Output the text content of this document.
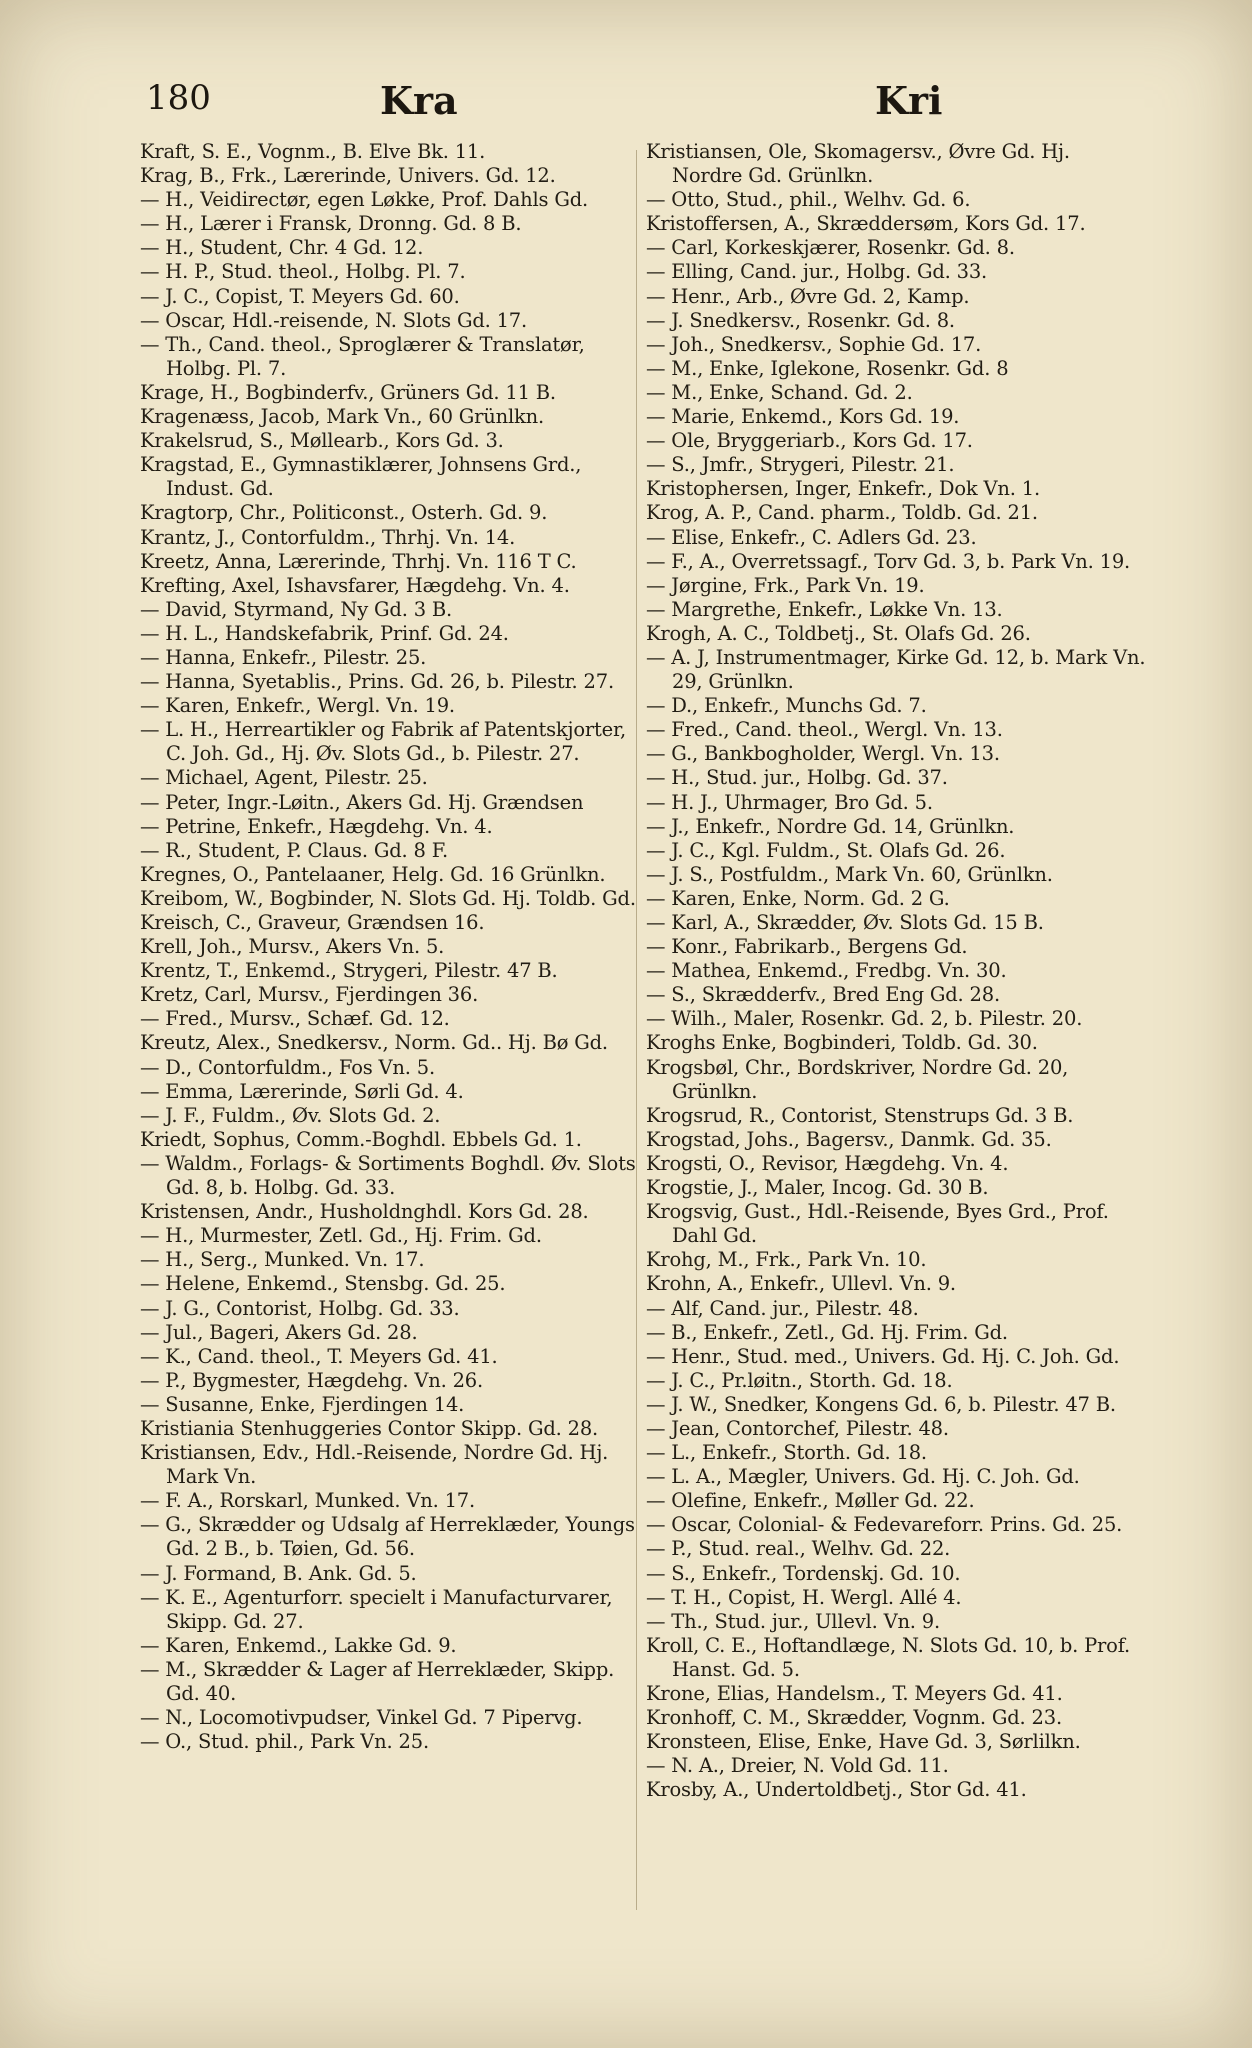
180	Kra	Kri

Kraft, S. E., Vognm., B. Elve Bk. 11.

Krag, B., Frk., Lærerinde, Univers. Gd. 12.

— H., Veidirectør, egen Løkke, Prof. Dahls Gd.

— H., Lærer i Fransk, Dronng. Gd. 8 B.

— H., Student, Chr. 4 Gd. 12.

— H. P., Stud. theol., Holbg. Pl. 7.

— J. C., Copist, T. Meyers Gd. 60.

— Oscar, Hdl.-reisende, N. Slots Gd. 17.

— Th., Cand. theol., Sproglærer & Translatør, Holbg. Pl. 7.

Krage, H., Bogbinderfv., Grüners Gd. 11 B.

Kragenæss, Jacob, Mark Vn., 60 Grünlkn.

Krakelsrud, S., Møllearb., Kors Gd. 3.

Kragstad, E., Gymnastiklærer, Johnsens Grd., Indust. Gd.

Kragtorp, Chr., Politiconst., Osterh. Gd. 9.

Krantz, J., Contorfuldm., Thrhj. Vn. 14.

Kreetz, Anna, Lærerinde, Thrhj. Vn. 116 T C.

Krefting, Axel, Ishavsfarer, Hægdehg. Vn. 4.

— David, Styrmand, Ny Gd. 3 B.

— H. L., Handskefabrik, Prinf. Gd. 24.

— Hanna, Enkefr., Pilestr. 25.

— Hanna, Syetablis., Prins. Gd. 26, b. Pilestr. 27.

— Karen, Enkefr., Wergl. Vn. 19.

— L. H., Herreartikler og Fabrik af Patentskjorter, C. Joh. Gd., Hj. Øv. Slots Gd., b. Pilestr. 27.

— Michael, Agent, Pilestr. 25.

— Peter, Ingr.-Løitn., Akers Gd. Hj. Grændsen

— Petrine, Enkefr., Hægdehg. Vn. 4.

— R., Student, P. Claus. Gd. 8 F.

Kregnes, O., Pantelaaner, Helg. Gd. 16 Grünlkn.

Kreibom, W., Bogbinder, N. Slots Gd. Hj. Toldb. Gd.

Kreisch, C., Graveur, Grændsen 16.

Krell, Joh., Mursv., Akers Vn. 5.

Krentz, T., Enkemd., Strygeri, Pilestr. 47 B.

Kretz, Carl, Mursv., Fjerdingen 36.

— Fred., Mursv., Schæf. Gd. 12.

Kreutz, Alex., Snedkersv., Norm. Gd.. Hj. Bø Gd.

— D., Contorfuldm., Fos Vn. 5.

— Emma, Lærerinde, Sørli Gd. 4.

— J. F., Fuldm., Øv. Slots Gd. 2.

Kriedt, Sophus, Comm.-Boghdl. Ebbels Gd. 1.

— Waldm., Forlags- & Sortiments Boghdl. Øv. Slots Gd. 8, b. Holbg. Gd. 33.

Kristensen, Andr., Husholdnghdl. Kors Gd. 28.

— H., Murmester, Zetl. Gd., Hj. Frim. Gd.

— H., Serg., Munked. Vn. 17.

— Helene, Enkemd., Stensbg. Gd. 25.

— J. G., Contorist, Holbg. Gd. 33.

— Jul., Bageri, Akers Gd. 28.

— K., Cand. theol., T. Meyers Gd. 41.

— P., Bygmester, Hægdehg. Vn. 26.

— Susanne, Enke, Fjerdingen 14.

Kristiania Stenhuggeries Contor Skipp. Gd. 28.

Kristiansen, Edv., Hdl.-Reisende, Nordre Gd. Hj. Mark Vn.

— F. A., Rorskarl, Munked. Vn. 17.

— G., Skrædder og Udsalg af Herreklæder, Youngs Gd. 2 B., b. Tøien, Gd. 56.

— J. Formand, B. Ank. Gd. 5.

— K. E., Agenturforr. specielt i Manufacturvarer, Skipp. Gd. 27.

— Karen, Enkemd., Lakke Gd. 9.

— M., Skrædder & Lager af Herreklæder, Skipp. Gd. 40.

— N., Locomotivpudser, Vinkel Gd. 7 Pipervg.

— O., Stud. phil., Park Vn. 25.

Kristiansen, Ole, Skomagersv., Øvre Gd. Hj. Nordre Gd. Grünlkn.

— Otto, Stud., phil., Welhv. Gd. 6.

Kristoffersen, A., Skræddersøm, Kors Gd. 17.

— Carl, Korkeskjærer, Rosenkr. Gd. 8.

— Elling, Cand. jur., Holbg. Gd. 33.

— Henr., Arb., Øvre Gd. 2, Kamp.

— J. Snedkersv., Rosenkr. Gd. 8.

— Joh., Snedkersv., Sophie Gd. 17.

— M., Enke, Iglekone, Rosenkr. Gd. 8

— M., Enke, Schand. Gd. 2.

— Marie, Enkemd., Kors Gd. 19.

— Ole, Bryggeriarb., Kors Gd. 17.

— S., Jmfr., Strygeri, Pilestr. 21.

Kristophersen, Inger, Enkefr., Dok Vn. 1.

Krog, A. P., Cand. pharm., Toldb. Gd. 21.

— Elise, Enkefr., C. Adlers Gd. 23.

— F., A., Overretssagf., Torv Gd. 3, b. Park Vn. 19.

— Jørgine, Frk., Park Vn. 19.

— Margrethe, Enkefr., Løkke Vn. 13.

Krogh, A. C., Toldbetj., St. Olafs Gd. 26.

— A. J, Instrumentmager, Kirke Gd. 12, b. Mark Vn. 29, Grünlkn.

— D., Enkefr., Munchs Gd. 7.

— Fred., Cand. theol., Wergl. Vn. 13.

— G., Bankbogholder, Wergl. Vn. 13.

— H., Stud. jur., Holbg. Gd. 37.

— H. J., Uhrmager, Bro Gd. 5.

— J., Enkefr., Nordre Gd. 14, Grünlkn.

— J. C., Kgl. Fuldm., St. Olafs Gd. 26.

— J. S., Postfuldm., Mark Vn. 60, Grünlkn.

— Karen, Enke, Norm. Gd. 2 G.

— Karl, A., Skrædder, Øv. Slots Gd. 15 B.

— Konr., Fabrikarb., Bergens Gd.

— Mathea, Enkemd., Fredbg. Vn. 30.

— S., Skrædderfv., Bred Eng Gd. 28.

— Wilh., Maler, Rosenkr. Gd. 2, b. Pilestr. 20.

Kroghs Enke, Bogbinderi, Toldb. Gd. 30.

Krogsbøl, Chr., Bordskriver, Nordre Gd. 20, Grünlkn.

Krogsrud, R., Contorist, Stenstrups Gd. 3 B.

Krogstad, Johs., Bagersv., Danmk. Gd. 35.

Krogsti, O., Revisor, Hægdehg. Vn. 4.

Krogstie, J., Maler, Incog. Gd. 30 B.

Krogsvig, Gust., Hdl.-Reisende, Byes Grd., Prof. Dahl Gd.

Krohg, M., Frk., Park Vn. 10.

Krohn, A., Enkefr., Ullevl. Vn. 9.

— Alf, Cand. jur., Pilestr. 48.

— B., Enkefr., Zetl., Gd. Hj. Frim. Gd.

— Henr., Stud. med., Univers. Gd. Hj. C. Joh. Gd.

— J. C., Pr.løitn., Storth. Gd. 18.

— J. W., Snedker, Kongens Gd. 6, b. Pilestr. 47 B.

— Jean, Contorchef, Pilestr. 48.

— L., Enkefr., Storth. Gd. 18.

— L. A., Mægler, Univers. Gd. Hj. C. Joh. Gd.

— Olefine, Enkefr., Møller Gd. 22.

— Oscar, Colonial- & Fedevareforr. Prins. Gd. 25.

— P., Stud. real., Welhv. Gd. 22.

— S., Enkefr., Tordenskj. Gd. 10.

— T. H., Copist, H. Wergl. Allé 4.

— Th., Stud. jur., Ullevl. Vn. 9.

Kroll, C. E., Hoftandlæge, N. Slots Gd. 10, b. Prof. Hanst. Gd. 5.

Krone, Elias, Handelsm., T. Meyers Gd. 41.

Kronhoff, C. M., Skrædder, Vognm. Gd. 23.

Kronsteen, Elise, Enke, Have Gd. 3, Sørlilkn.

— N. A., Dreier, N. Vold Gd. 11.

Krosby, A., Undertoldbetj., Stor Gd. 41.
